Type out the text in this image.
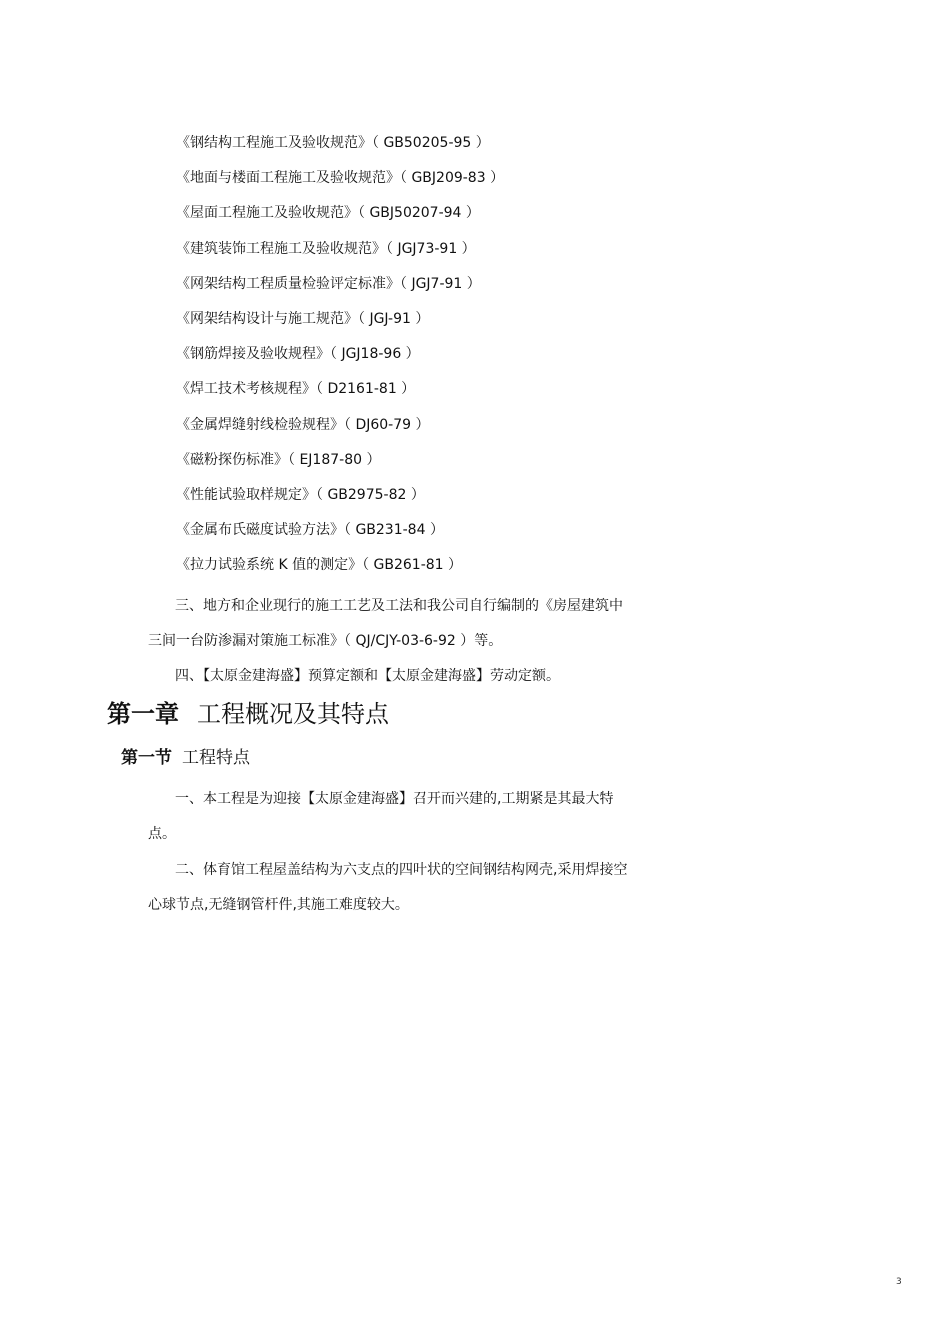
《钢结构工程施工及验收规范》（ GB50205-95 ）
《地面与楼面工程施工及验收规范》（ GBJ209-83 ）
《屋面工程施工及验收规范》（ GBJ50207-94 ）
《建筑装饰工程施工及验收规范》（ JGJ73-91 ）
《网架结构工程质量检验评定标准》（ JGJ7-91 ）
《网架结构设计与施工规范》（ JGJ-91 ）
《钢筋焊接及验收规程》（ JGJ18-96 ）
《焊工技术考核规程》（ D2161-81 ）
《金属焊缝射线检验规程》（ DJ60-79 ）
《磁粉探伤标准》（ EJ187-80 ）
《性能试验取样规定》（ GB2975-82 ）
《金属布氏磁度试验方法》（ GB231-84 ）
《拉力试验系统 K 值的测定》（ GB261-81 ）

三、地方和企业现行的施工工艺及工法和我公司自行编制的《房屋建筑中三间一台防渗漏对策施工标准》（ QJ/CJY-03-6-92 ）等。

四、【太原金建海盛】预算定额和【太原金建海盛】劳动定额。

第一章 工程概况及其特点
第一节 工程特点

一、本工程是为迎接【太原金建海盛】召开而兴建的,工期紧是其最大特点。

二、体育馆工程屋盖结构为六支点的四叶状的空间钢结构网壳,采用焊接空心球节点,无缝钢管杆件,其施工难度较大。

3
